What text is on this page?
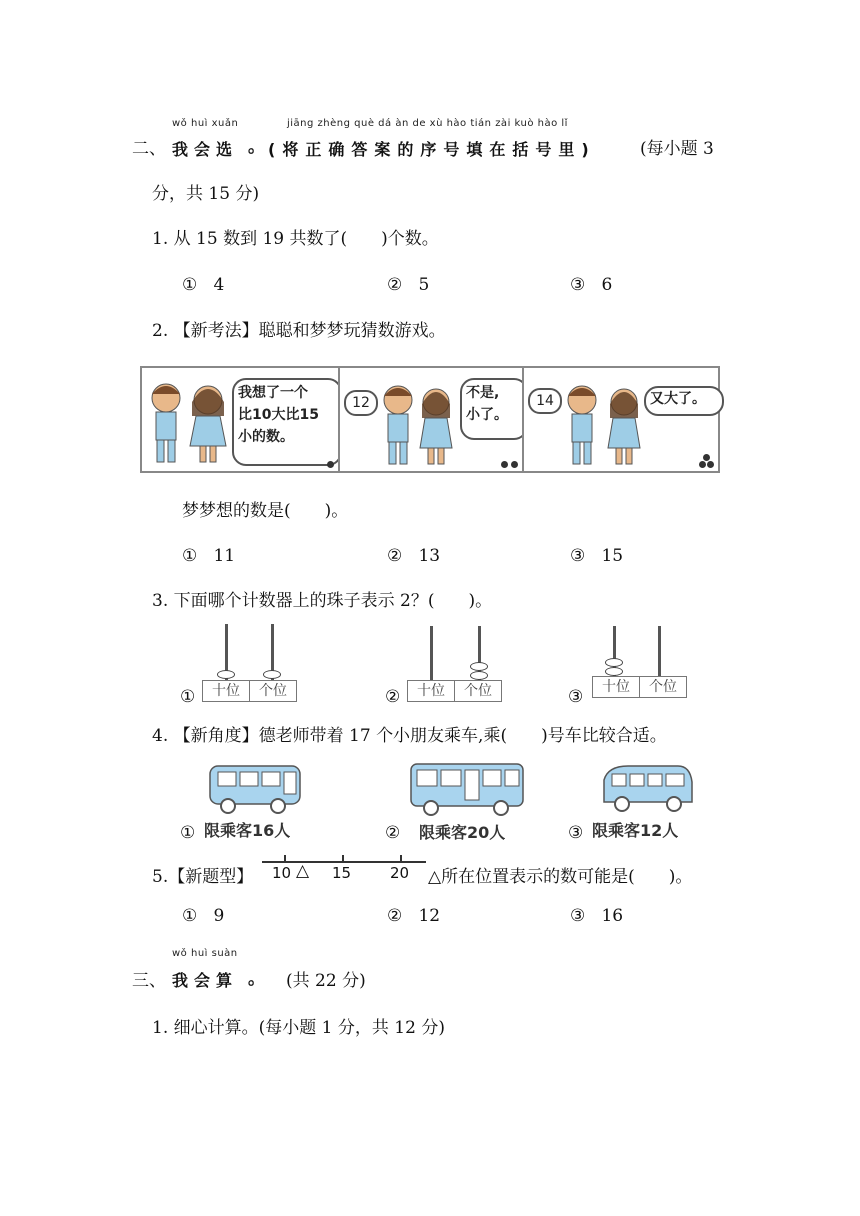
wǒ huì xuǎn	jiāng zhèng què dá àn de xù hào tián zài kuò hào lǐ
二、 我会选 。 (将正确答案的序号填在括号里)	(每小题 3
分，共 15 分)
1. 从 15 数到 19 共数了(　　)个数。
① 4	② 5	③ 6
2. 【新考法】聪聪和梦梦玩猜数游戏。
我想了一个
比10大比15
小的数。
12
不是,
小了。
14	又大了。
梦梦想的数是(　　)。
① 11	② 13	③ 15
3. 下面哪个计数器上的珠子表示 2？(　　)。
①	十位	个位	②	十位	个位	③	十位	个位
4. 【新角度】德老师带着 17 个小朋友乘车,乘(　　)号车比较合适。
① 限乘客16人	② 限乘客20人	③ 限乘客12人
5.【新题型】 10 △ 15	20 △所在位置表示的数可能是(　　)。
① 9	② 12	③ 16
wǒ huì suàn
三、 我会算 。 (共 22 分)
1. 细心计算。(每小题 1 分，共 12 分)
